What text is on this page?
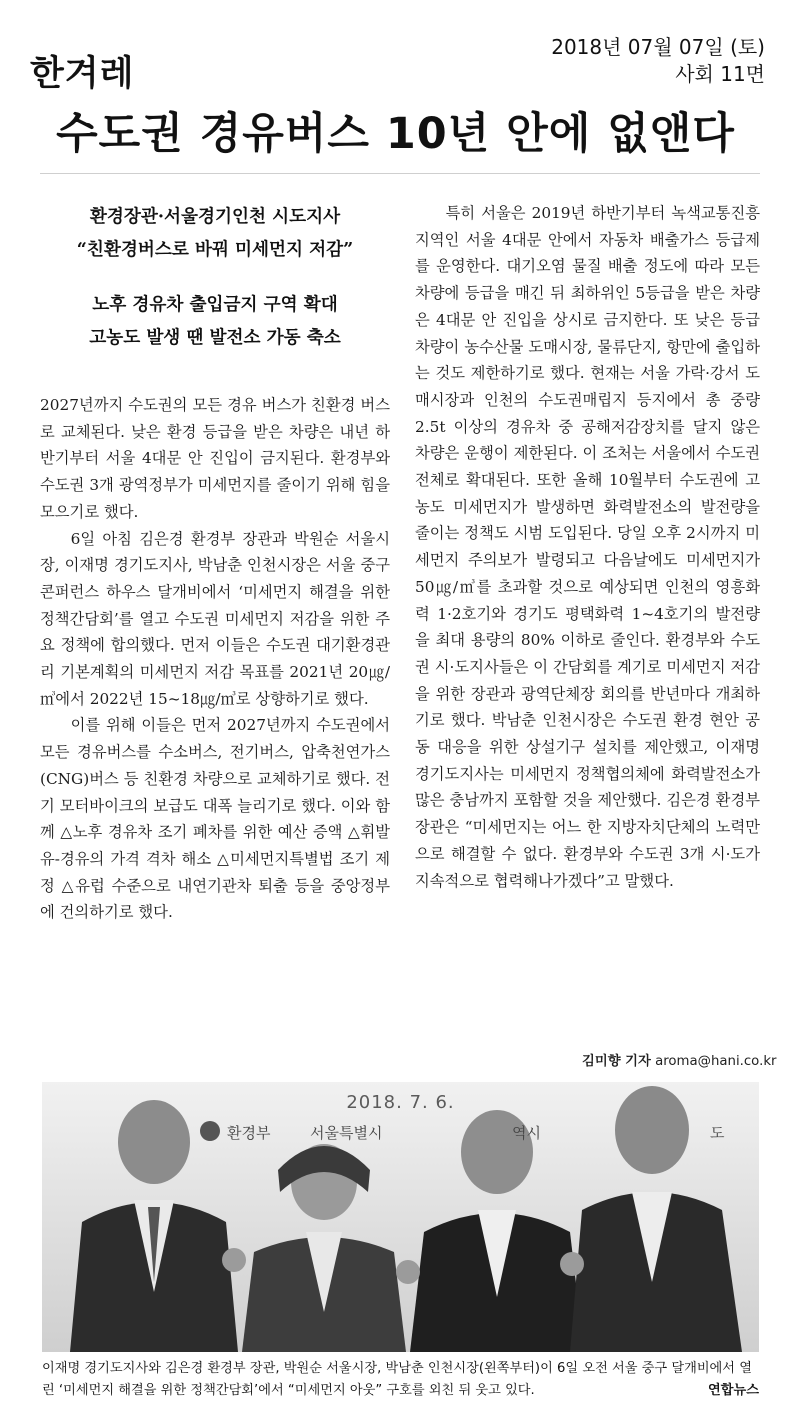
한겨레
2018년 07월 07일 (토)
사회 11면
수도권 경유버스 10년 안에 없앤다

환경장관·서울경기인천 시도지사

“친환경버스로 바꿔 미세먼지 저감”

노후 경유차 출입금지 구역 확대

고농도 발생 땐 발전소 가동 축소

2027년까지 수도권의 모든 경유 버스가 친환경 버스로 교체된다. 낮은 환경 등급을 받은 차량은 내년 하반기부터 서울 4대문 안 진입이 금지된다. 환경부와 수도권 3개 광역정부가 미세먼지를 줄이기 위해 힘을 모으기로 했다.

6일 아침 김은경 환경부 장관과 박원순 서울시장, 이재명 경기도지사, 박남춘 인천시장은 서울 중구 콘퍼런스 하우스 달개비에서 ‘미세먼지 해결을 위한 정책간담회’를 열고 수도권 미세먼지 저감을 위한 주요 정책에 합의했다. 먼저 이들은 수도권 대기환경관리 기본계획의 미세먼지 저감 목표를 2021년 20㎍/㎥에서 2022년 15~18㎍/㎥로 상향하기로 했다.

이를 위해 이들은 먼저 2027년까지 수도권에서 모든 경유버스를 수소버스, 전기버스, 압축천연가스(CNG)버스 등 친환경 차량으로 교체하기로 했다. 전기 모터바이크의 보급도 대폭 늘리기로 했다. 이와 함께 △노후 경유차 조기 폐차를 위한 예산 증액 △휘발유-경유의 가격 격차 해소 △미세먼지특별법 조기 제정 △유럽 수준으로 내연기관차 퇴출 등을 중앙정부에 건의하기로 했다.

특히 서울은 2019년 하반기부터 녹색교통진흥지역인 서울 4대문 안에서 자동차 배출가스 등급제를 운영한다. 대기오염 물질 배출 정도에 따라 모든 차량에 등급을 매긴 뒤 최하위인 5등급을 받은 차량은 4대문 안 진입을 상시로 금지한다. 또 낮은 등급 차량이 농수산물 도매시장, 물류단지, 항만에 출입하는 것도 제한하기로 했다. 현재는 서울 가락·강서 도매시장과 인천의 수도권매립지 등지에서 총 중량 2.5t 이상의 경유차 중 공해저감장치를 달지 않은 차량은 운행이 제한된다. 이 조처는 서울에서 수도권 전체로 확대된다. 또한 올해 10월부터 수도권에 고농도 미세먼지가 발생하면 화력발전소의 발전량을 줄이는 정책도 시범 도입된다. 당일 오후 2시까지 미세먼지 주의보가 발령되고 다음날에도 미세먼지가 50㎍/㎥를 초과할 것으로 예상되면 인천의 영흥화력 1·2호기와 경기도 평택화력 1~4호기의 발전량을 최대 용량의 80% 이하로 줄인다. 환경부와 수도권 시·도지사들은 이 간담회를 계기로 미세먼지 저감을 위한 장관과 광역단체장 회의를 반년마다 개최하기로 했다. 박남춘 인천시장은 수도권 환경 현안 공동 대응을 위한 상설기구 설치를 제안했고, 이재명 경기도지사는 미세먼지 정책협의체에 화력발전소가 많은 충남까지 포함할 것을 제안했다. 김은경 환경부 장관은 “미세먼지는 어느 한 지방자치단체의 노력만으로 해결할 수 없다. 환경부와 수도권 3개 시·도가 지속적으로 협력해나가겠다”고 말했다.

김미향 기자 aroma@hani.co.kr
2018. 7. 6.
환경부	서울특별시	역시	도
이재명 경기도지사와 김은경 환경부 장관, 박원순 서울시장, 박남춘 인천시장(왼쪽부터)이 6일 오전 서울 중구 달개비에서 열린 ‘미세먼지 해결을 위한 정책간담회’에서 “미세먼지 아웃” 구호를 외친 뒤 웃고 있다.	연합뉴스
